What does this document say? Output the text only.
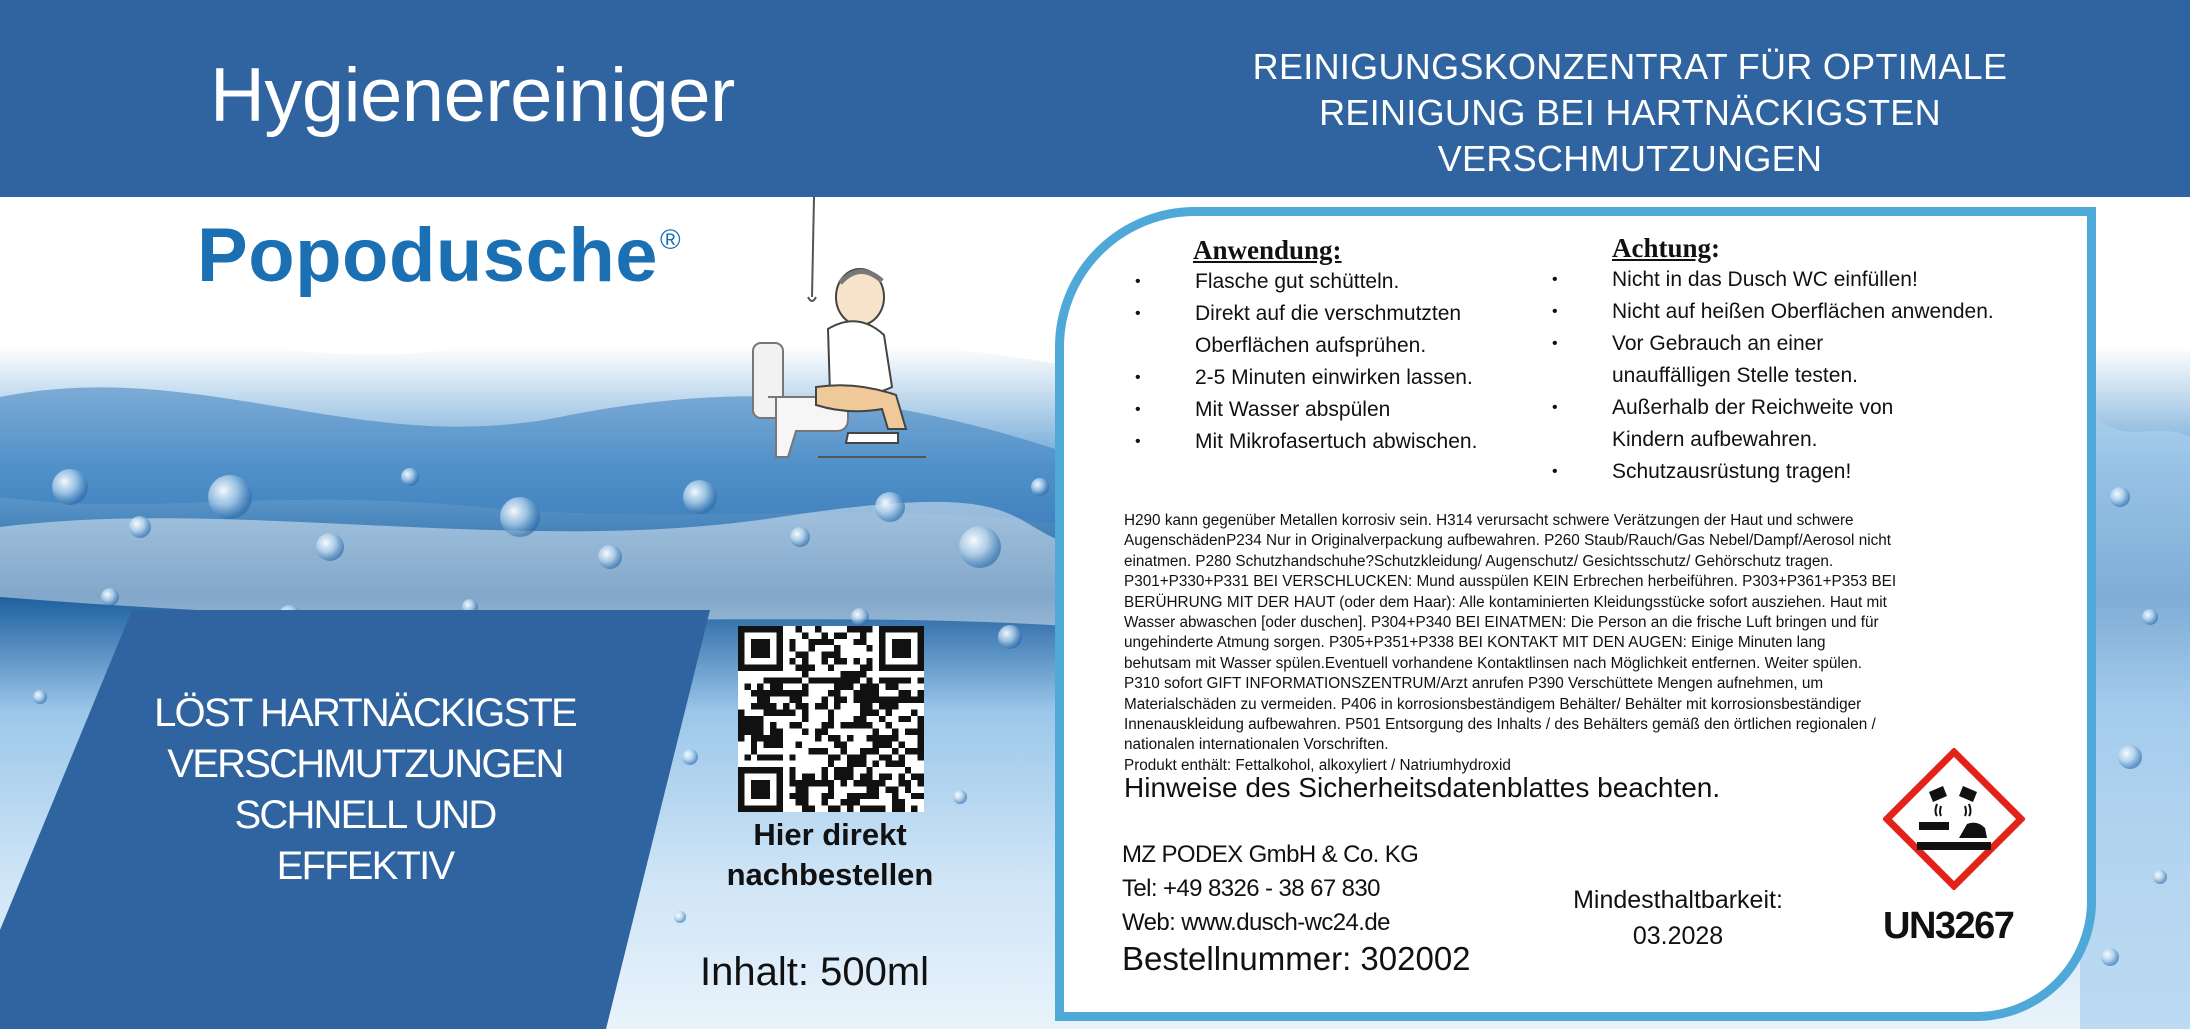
Hygienereiniger	REINIGUNGSKONZENTRAT FÜR OPTIMALE
REINIGUNG BEI HARTNÄCKIGSTEN
VERSCHMUTZUNGEN
Popodusche®
LÖST HARTNÄCKIGSTE
VERSCHMUTZUNGEN
SCHNELL UND
EFFEKTIV
Hier direkt
nachbestellen
Inhalt: 500ml
Anwendung:
• Flasche gut schütteln.
• Direkt auf die verschmutzten
Oberflächen aufsprühen.
• 2-5 Minuten einwirken lassen.
• Mit Wasser abspülen
• Mit Mikrofasertuch abwischen.
Achtung:
• Nicht in das Dusch WC einfüllen!
• Nicht auf heißen Oberflächen anwenden.
• Vor Gebrauch an einer
unauffälligen Stelle testen.
• Außerhalb der Reichweite von
Kindern aufbewahren.
• Schutzausrüstung tragen!
H290 kann gegenüber Metallen korrosiv sein. H314 verursacht schwere Verätzungen der Haut und schwere
AugenschädenP234 Nur in Originalverpackung aufbewahren. P260 Staub/Rauch/Gas Nebel/Dampf/Aerosol nicht
einatmen. P280 Schutzhandschuhe?Schutzkleidung/ Augenschutz/ Gesichtsschutz/ Gehörschutz tragen.
P301+P330+P331 BEI VERSCHLUCKEN: Mund ausspülen KEIN Erbrechen herbeiführen. P303+P361+P353 BEI
BERÜHRUNG MIT DER HAUT (oder dem Haar): Alle kontaminierten Kleidungsstücke sofort ausziehen. Haut mit
Wasser abwaschen [oder duschen]. P304+P340 BEI EINATMEN: Die Person an die frische Luft bringen und für
ungehinderte Atmung sorgen. P305+P351+P338 BEI KONTAKT MIT DEN AUGEN: Einige Minuten lang
behutsam mit Wasser spülen.Eventuell vorhandene Kontaktlinsen nach Möglichkeit entfernen. Weiter spülen.
P310 sofort GIFT INFORMATIONSZENTRUM/Arzt anrufen P390 Verschüttete Mengen aufnehmen, um
Materialschäden zu vermeiden. P406 in korrosionsbeständigem Behälter/ Behälter mit korrosionsbeständiger
Innenauskleidung aufbewahren. P501 Entsorgung des Inhalts / des Behälters gemäß den örtlichen regionalen /
nationalen internationalen Vorschriften.
Produkt enthält: Fettalkohol, alkoxyliert / Natriumhydroxid
Hinweise des Sicherheitsdatenblattes beachten.
MZ PODEX GmbH & Co. KG
Tel: +49 8326 - 38 67 830
Web: www.dusch-wc24.de
Bestellnummer: 302002
Mindesthaltbarkeit:
03.2028	UN3267
